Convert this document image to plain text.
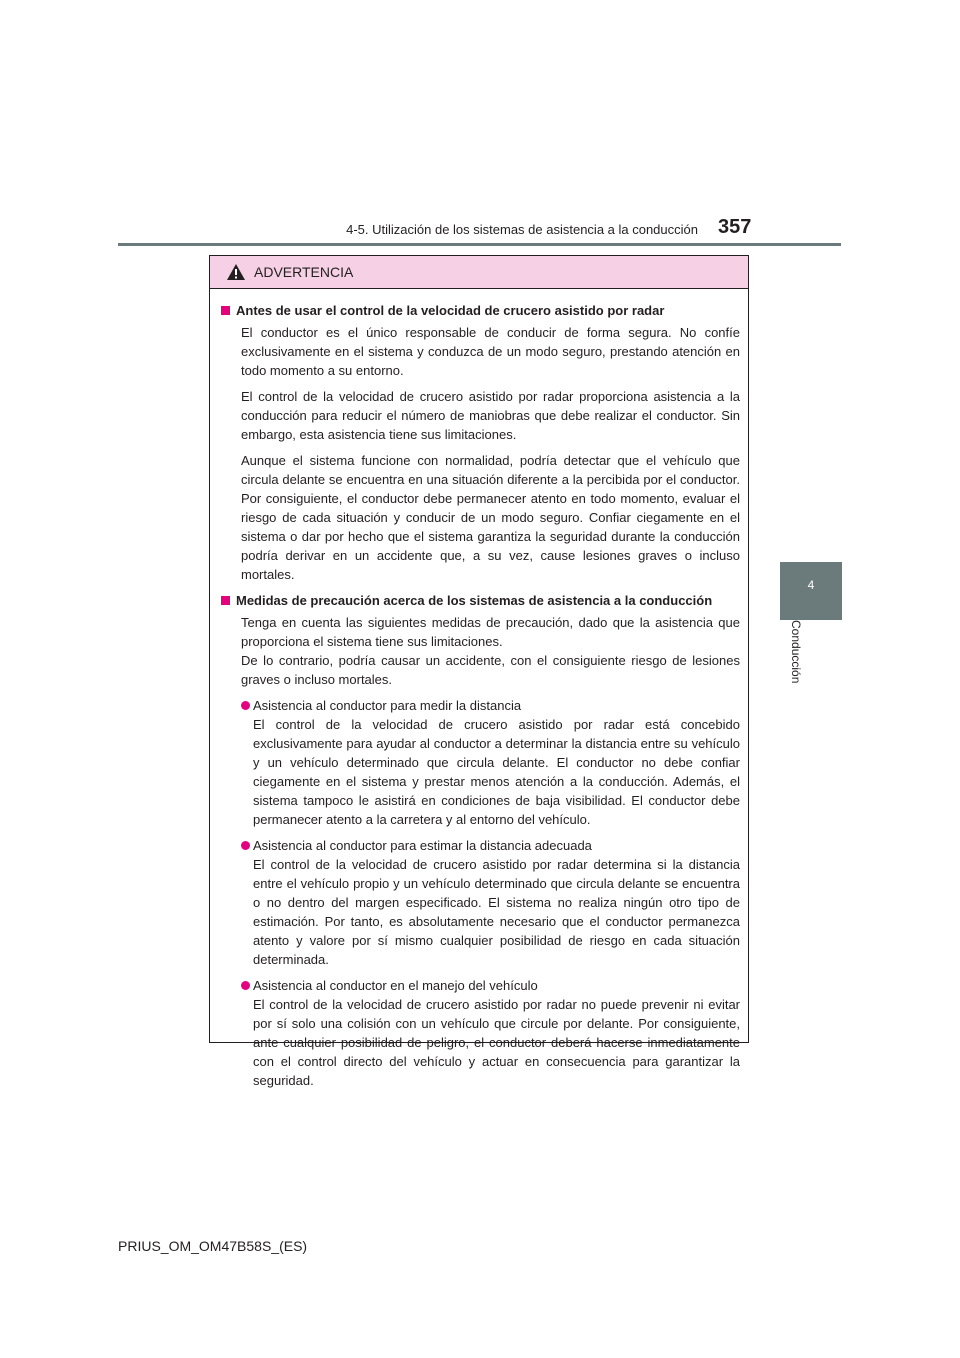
4-5. Utilización de los sistemas de asistencia a la conducción 357
4
Conducción
ADVERTENCIA
Antes de usar el control de la velocidad de crucero asistido por radar

El conductor es el único responsable de conducir de forma segura. No confíe exclusivamente en el sistema y conduzca de un modo seguro, prestando atención en todo momento a su entorno.

El control de la velocidad de crucero asistido por radar proporciona asistencia a la conducción para reducir el número de maniobras que debe realizar el conductor. Sin embargo, esta asistencia tiene sus limitaciones.

Aunque el sistema funcione con normalidad, podría detectar que el vehículo que circula delante se encuentra en una situación diferente a la percibida por el conductor. Por consiguiente, el conductor debe permanecer atento en todo momento, evaluar el riesgo de cada situación y conducir de un modo seguro. Confiar ciegamente en el sistema o dar por hecho que el sistema garantiza la seguridad durante la conducción podría derivar en un accidente que, a su vez, cause lesiones graves o incluso mortales.

Medidas de precaución acerca de los sistemas de asistencia a la conducción

Tenga en cuenta las siguientes medidas de precaución, dado que la asistencia que proporciona el sistema tiene sus limitaciones.

De lo contrario, podría causar un accidente, con el consiguiente riesgo de lesiones graves o incluso mortales.

Asistencia al conductor para medir la distancia
El control de la velocidad de crucero asistido por radar está concebido exclusivamente para ayudar al conductor a determinar la distancia entre su vehículo y un vehículo determinado que circula delante. El conductor no debe confiar ciegamente en el sistema y prestar menos atención a la conducción. Además, el sistema tampoco le asistirá en condiciones de baja visibilidad. El conductor debe permanecer atento a la carretera y al entorno del vehículo.
Asistencia al conductor para estimar la distancia adecuada
El control de la velocidad de crucero asistido por radar determina si la distancia entre el vehículo propio y un vehículo determinado que circula delante se encuentra o no dentro del margen especificado. El sistema no realiza ningún otro tipo de estimación. Por tanto, es absolutamente necesario que el conductor permanezca atento y valore por sí mismo cualquier posibilidad de riesgo en cada situación determinada.
Asistencia al conductor en el manejo del vehículo
El control de la velocidad de crucero asistido por radar no puede prevenir ni evitar por sí solo una colisión con un vehículo que circule por delante. Por consiguiente, ante cualquier posibilidad de peligro, el conductor deberá hacerse inmediatamente con el control directo del vehículo y actuar en consecuencia para garantizar la seguridad.
PRIUS_OM_OM47B58S_(ES)
